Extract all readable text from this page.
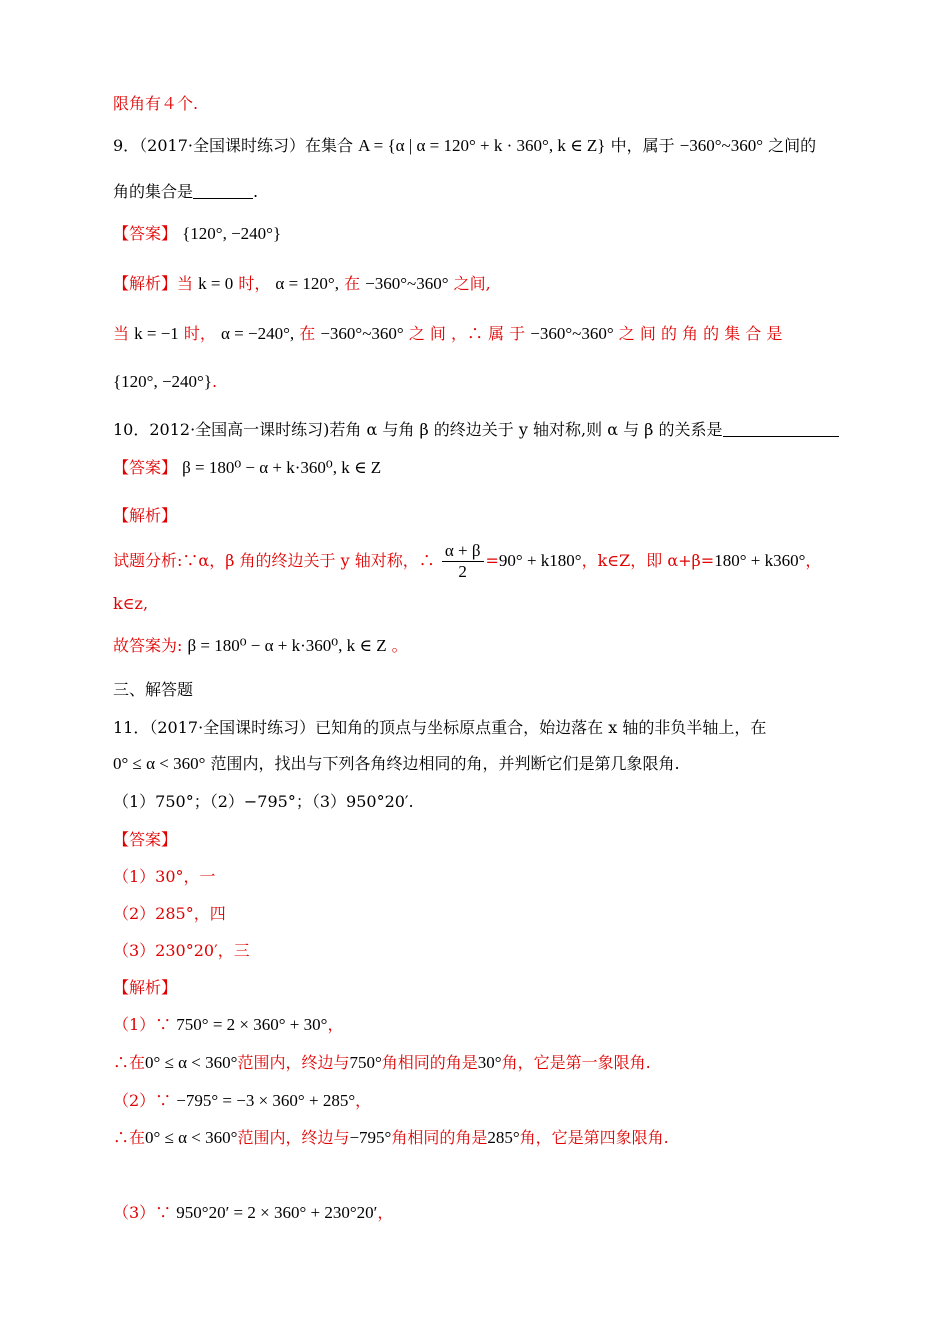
限角有４个.
9．（2017·全国课时练习）在集合 A = {α | α = 120° + k · 360°, k ∈ Z} 中，属于 −360°~360° 之间的
角的集合是	.
【答案】 {120°, −240°}
【解析】当 k = 0 时， α = 120°, 在 −360°~360° 之间,
当 k = −1 时， α = −240°, 在 −360°~360° 之 间 ，∴ 属 于 −360°~360° 之 间 的 角 的 集 合 是
{120°, −240°}.
10．2012·全国高一课时练习)若角 α 与角 β 的终边关于 y 轴对称,则 α 与 β 的关系是
【答案】 β = 180⁰ − α + k·360⁰, k ∈ Z
【解析】
试题分析:∵α，β 角的终边关于 y 轴对称，∴ $\frac{\alpha + \beta}{2} =90^\circ + k180^\circ$，k∈Z，即 α+β=180° + k360°，
k∈z,
故答案为: β = 180⁰ − α + k·360⁰, k ∈ Z 。
三、解答题
11．（2017·全国课时练习）已知角的顶点与坐标原点重合，始边落在 x 轴的非负半轴上，在
0° ≤ α < 360° 范围内，找出与下列各角终边相同的角，并判断它们是第几象限角.
（1）750°；（2）−795°；（3）950°20′.
【答案】
（1）30°，一
（2）285°，四
（3）230°20′，三
【解析】
（1）∵ 750° = 2 × 360° + 30°，
∴在0° ≤ α < 360°范围内，终边与750°角相同的角是30°角，它是第一象限角.
（2）∵ −795° = −3 × 360° + 285°，
∴在0° ≤ α < 360°范围内，终边与−795°角相同的角是285°角，它是第四象限角.
（3）∵ 950°20′ = 2 × 360° + 230°20′，
